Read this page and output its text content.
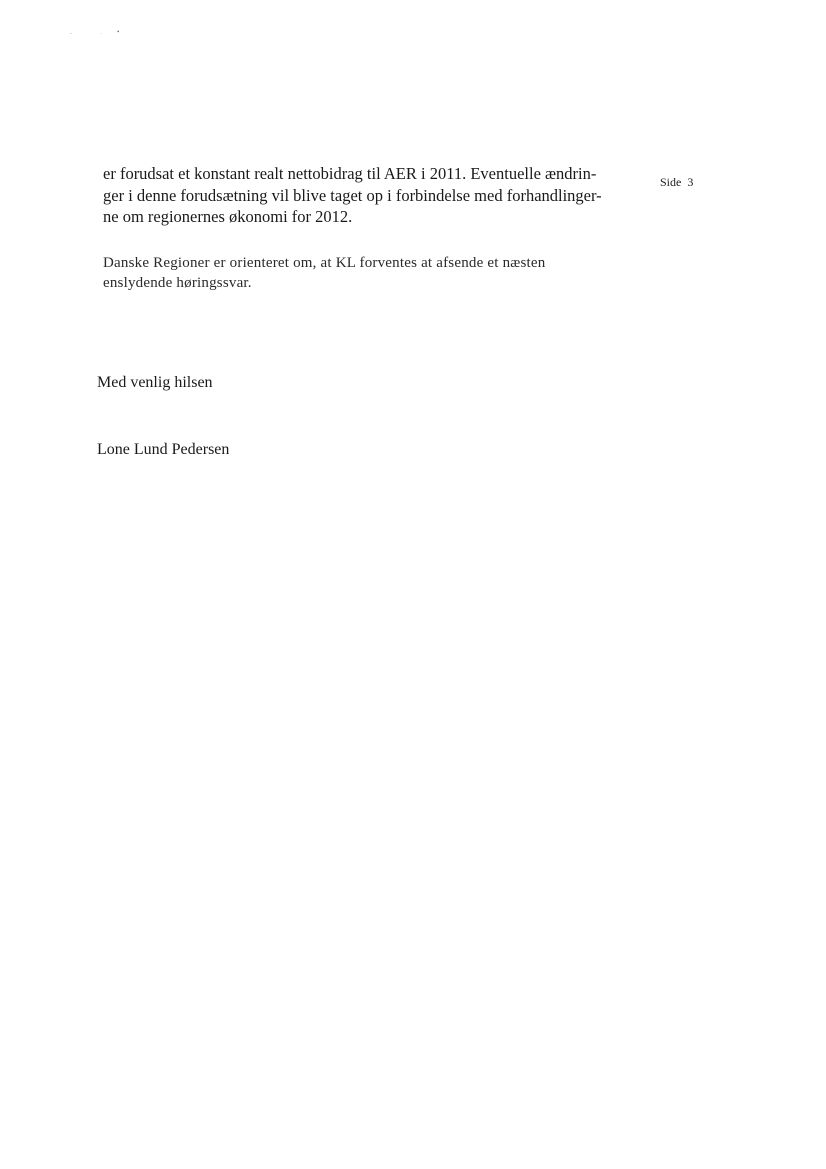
.	. •
Side 3
er forudsat et konstant realt nettobidrag til AER i 2011. Eventuelle ændrin-
ger i denne forudsætning vil blive taget op i forbindelse med forhandlinger-
ne om regionernes økonomi for 2012.
Danske Regioner er orienteret om, at KL forventes at afsende et næsten
enslydende høringssvar.
Med venlig hilsen
Lone Lund Pedersen
